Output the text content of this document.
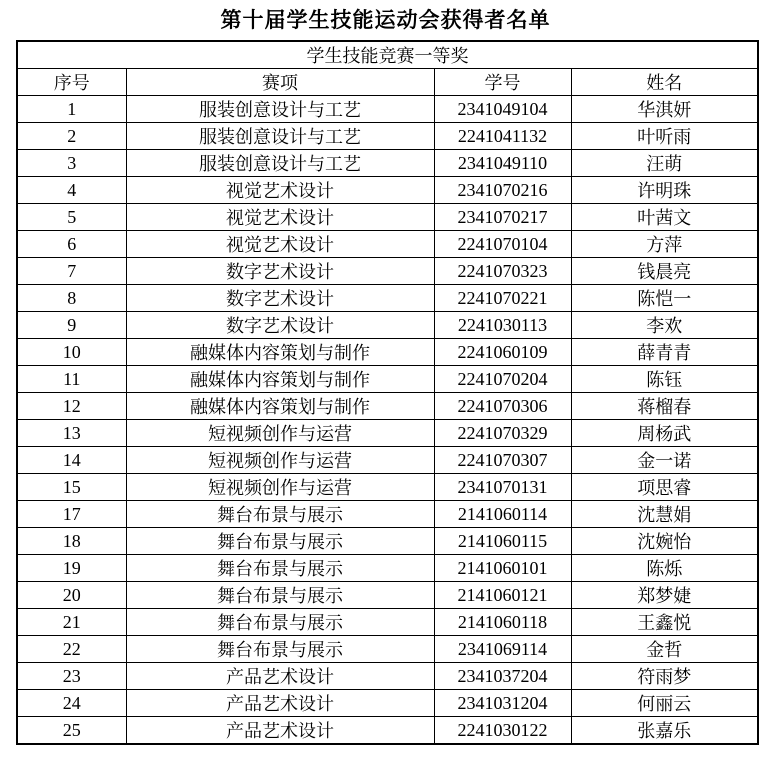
第十届学生技能运动会获得者名单
学生技能竞赛一等奖			
序号	赛项	学号	姓名
1	服装创意设计与工艺	2341049104	华淇妍
2	服装创意设计与工艺	2241041132	叶听雨
3	服装创意设计与工艺	2341049110	汪萌
4	视觉艺术设计	2341070216	许明珠
5	视觉艺术设计	2341070217	叶茜文
6	视觉艺术设计	2241070104	方萍
7	数字艺术设计	2241070323	钱晨亮
8	数字艺术设计	2241070221	陈恺一
9	数字艺术设计	2241030113	李欢
10	融媒体内容策划与制作	2241060109	薛青青
11	融媒体内容策划与制作	2241070204	陈钰
12	融媒体内容策划与制作	2241070306	蒋榴春
13	短视频创作与运营	2241070329	周杨武
14	短视频创作与运营	2241070307	金一诺
15	短视频创作与运营	2341070131	项思睿
17	舞台布景与展示	2141060114	沈慧娟
18	舞台布景与展示	2141060115	沈婉怡
19	舞台布景与展示	2141060101	陈烁
20	舞台布景与展示	2141060121	郑梦婕
21	舞台布景与展示	2141060118	王鑫悦
22	舞台布景与展示	2341069114	金哲
23	产品艺术设计	2341037204	符雨梦
24	产品艺术设计	2341031204	何丽云
25	产品艺术设计	2241030122	张嘉乐
